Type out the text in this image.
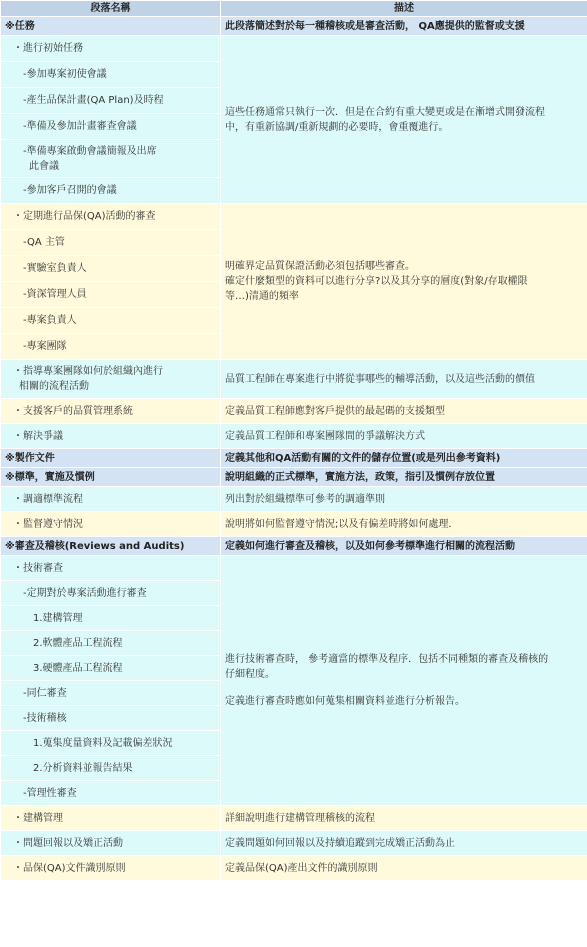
段落名稱	描述
※任務	此段落簡述對於每一種稽核或是審查活動， QA應提供的監督或支援
・進行初始任務	這些任務通常只執行一次．但是在合約有重大變更或是在漸增式開發流程
中，有重新協調/重新規劃的必要時，會重覆進行。

-參加專案初使會議	
-產生品保計畫(QA Plan)及時程	
-準備及參加計畫審查會議	

-準備專案啟動會議簡報及出席
此會議	

-參加客戶召開的會議	
・定期進行品保(QA)活動的審查	明確界定品質保證活動必須包括哪些審查。
確定什麼類型的資料可以進行分享?以及其分享的層度(對象/存取權限
等…)清通的頻率

-QA 主管	
-實驗室負責人	
-資深管理人員	
-專案負責人	
-專案團隊	

・指導專案團隊如何於組織內進行
相關的流程活動	品質工程師在專案進行中將從事哪些的輔導活動，以及這些活動的價值
・支援客戶的品質管理系統	定義品質工程師應對客戶提供的最起碼的支援類型
・解決爭議	定義品質工程師和專案團隊間的爭議解決方式
※製作文件	定義其他和QA活動有關的文件的儲存位置(或是列出參考資料)
※標準，實施及慣例	說明組織的正式標準，實施方法，政策，指引及慣例存放位置
・調適標準流程	列出對於組織標準可參考的調適準則
・監督遵守情況	說明將如何監督遵守情況;以及有偏差時將如何處理．
※審查及稽核(Reviews and Audits)	定義如何進行審查及稽核，以及如何參考標準進行相關的流程活動
・技術審查	進行技術審查時， 參考適當的標準及程序．包括不同種類的審查及稽核的
仔細程度。
定義進行審查時應如何蒐集相關資料並進行分析報告。

-定期對於專案活動進行審查	
1.建構管理	
2.軟體產品工程流程	
3.硬體產品工程流程	
-同仁審查	
-技術稽核	
1.蒐集度量資料及記載偏差狀況	
2.分析資料並報告結果	
-管理性審查	
・建構管理	詳細說明進行建構管理稽核的流程
・問題回報以及矯正活動	定義問題如何回報以及持續追蹤到完成矯正活動為止
・品保(QA)文件識別原則	定義品保(QA)產出文件的識別原則
